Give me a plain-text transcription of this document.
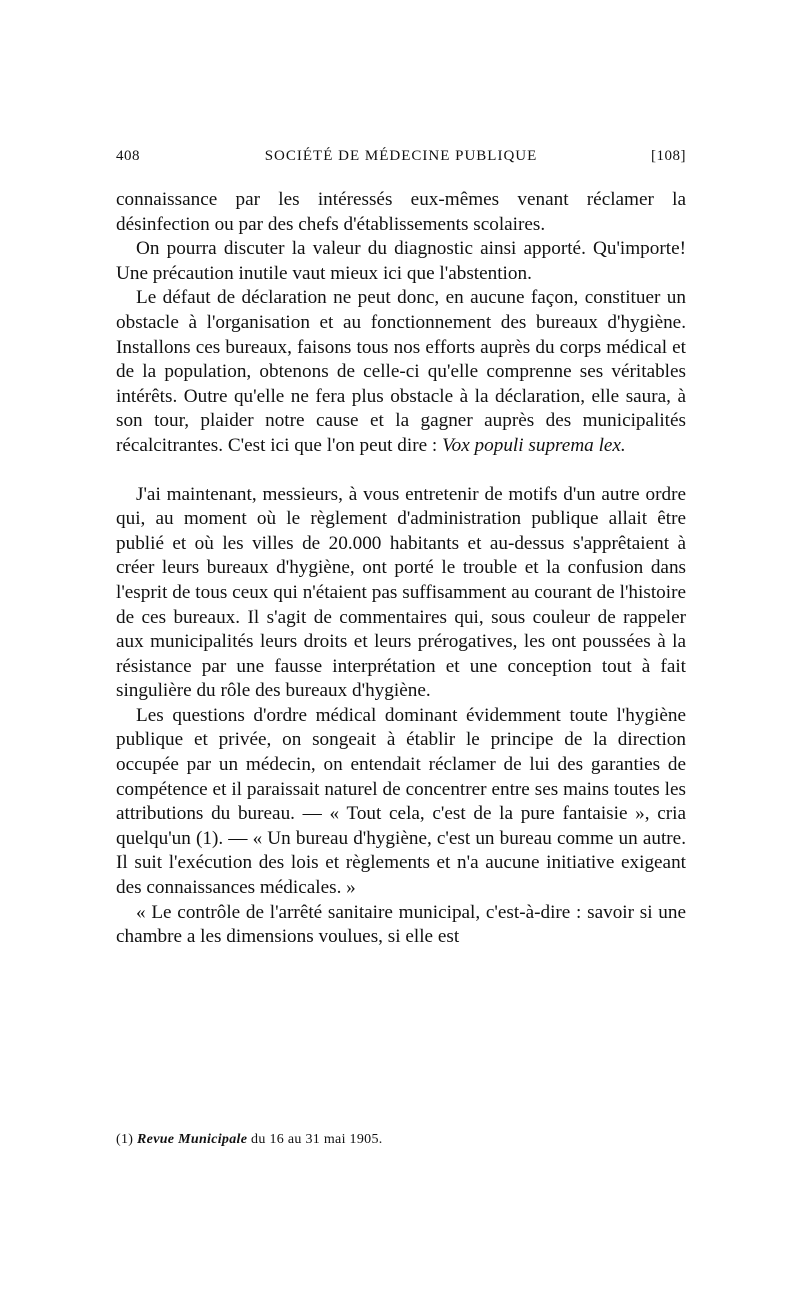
408	SOCIÉTÉ DE MÉDECINE PUBLIQUE	[108]

connaissance par les intéressés eux-mêmes venant réclamer la désinfection ou par des chefs d'établissements scolaires.

On pourra discuter la valeur du diagnostic ainsi apporté. Qu'importe! Une précaution inutile vaut mieux ici que l'abstention.

Le défaut de déclaration ne peut donc, en aucune façon, constituer un obstacle à l'organisation et au fonctionnement des bureaux d'hygiène. Installons ces bureaux, faisons tous nos efforts auprès du corps médical et de la population, obtenons de celle-ci qu'elle comprenne ses véritables intérêts. Outre qu'elle ne fera plus obstacle à la déclaration, elle saura, à son tour, plaider notre cause et la gagner auprès des municipalités récalcitrantes. C'est ici que l'on peut dire : Vox populi suprema lex.

J'ai maintenant, messieurs, à vous entretenir de motifs d'un autre ordre qui, au moment où le règlement d'administration publique allait être publié et où les villes de 20.000 habitants et au-dessus s'apprêtaient à créer leurs bureaux d'hygiène, ont porté le trouble et la confusion dans l'esprit de tous ceux qui n'étaient pas suffisamment au courant de l'histoire de ces bureaux. Il s'agit de commentaires qui, sous couleur de rappeler aux municipalités leurs droits et leurs prérogatives, les ont poussées à la résistance par une fausse interprétation et une conception tout à fait singulière du rôle des bureaux d'hygiène.

Les questions d'ordre médical dominant évidemment toute l'hygiène publique et privée, on songeait à établir le principe de la direction occupée par un médecin, on entendait réclamer de lui des garanties de compétence et il paraissait naturel de concentrer entre ses mains toutes les attributions du bureau. — « Tout cela, c'est de la pure fantaisie », cria quelqu'un (1). — « Un bureau d'hygiène, c'est un bureau comme un autre. Il suit l'exécution des lois et règlements et n'a aucune initiative exigeant des connaissances médicales. »

« Le contrôle de l'arrêté sanitaire municipal, c'est-à-dire : savoir si une chambre a les dimensions voulues, si elle est

(1) Revue Municipale du 16 au 31 mai 1905.
